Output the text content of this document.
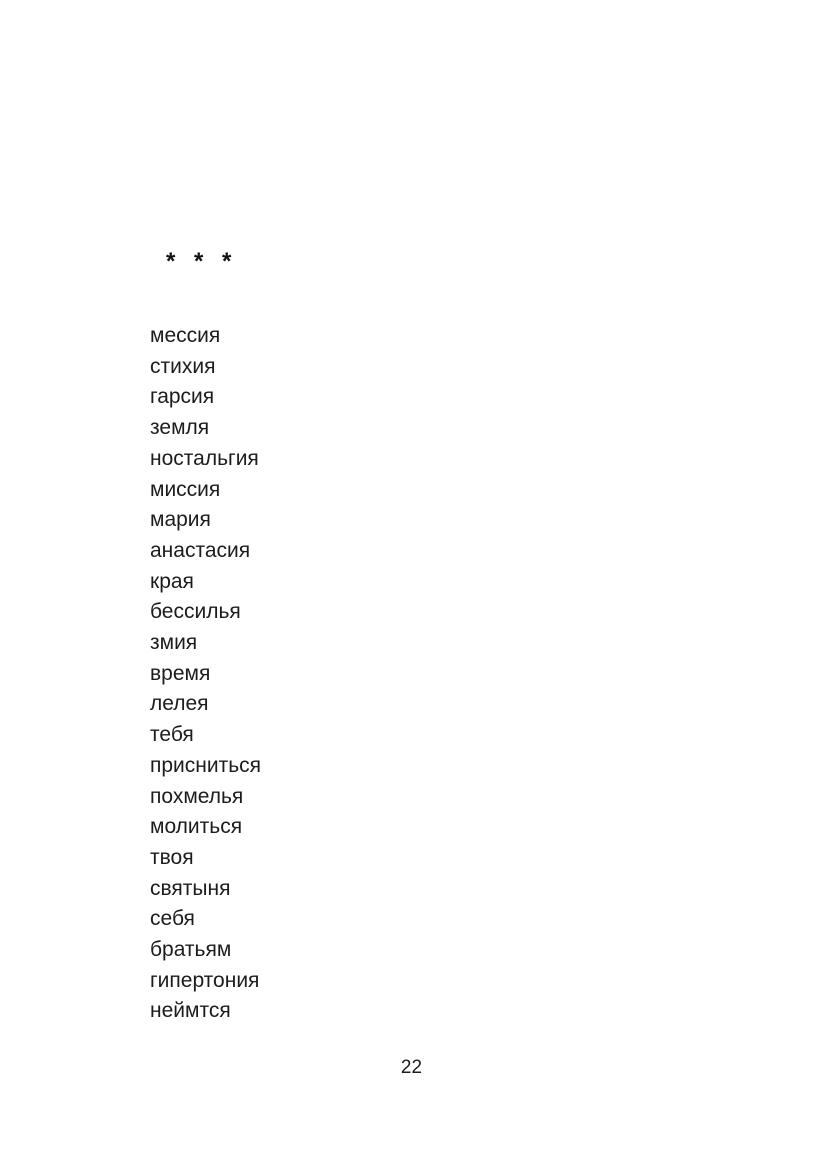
* * *
мессия
стихия
гарсия
земля
ностальгия
миссия
мария
анастасия
края
бессилья
змия
время
лелея
тебя
присниться
похмелья
молиться
твоя
святыня
себя
братьям
гипертония
неймтся
22
